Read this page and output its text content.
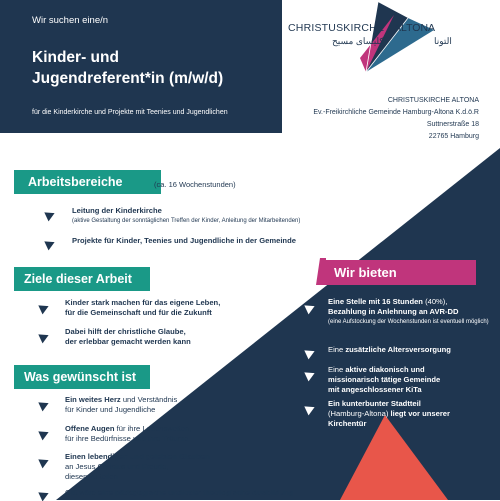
Wir suchen eine/n
Kinder- und
Jugendreferent*in (m/w/d)
für die Kinderkirche und Projekte mit Teenies und Jugendlichen
CHRISTUSKIRCHE ALTONA
كليساى مسيح	التونا
CHRISTUSKIRCHE ALTONA
Ev.-Freikirchliche Gemeinde Hamburg-Altona K.d.ö.R
Suttnerstraße 18
22765 Hamburg
Arbeitsbereiche	(ca. 16 Wochenstunden)
Leitung der Kinderkirche
(aktive Gestaltung der sonntäglichen Treffen der Kinder, Anleitung der Mitarbeitenden)
Projekte für Kinder, Teenies und Jugendliche in der Gemeinde
Ziele dieser Arbeit
Kinder stark machen für das eigene Leben,
für die Gemeinschaft und für die Zukunft
Dabei hilft der christliche Glaube,
der erlebbar gemacht werden kann
Was gewünscht ist
Ein weites Herz und Verständnis
für Kinder und Jugendliche
Offene Augen für ihre Lebenswelten,
für ihre Bedürfnisse und ihre Träume
Einen lebendigen und gelebten Glauben
an Jesus Christus und Freude,
diesen zu teilen
Gut wäre eine pädagogische und/oder theologische Ausbildung
Wir bieten
Eine Stelle mit 16 Stunden (40%),
Bezahlung in Anlehnung an AVR-DD
(eine Aufstockung der Wochenstunden ist eventuell möglich)
Eine zusätzliche Altersversorgung
Eine aktive diakonisch und
missionarisch tätige Gemeinde
mit angeschlossener KiTa
Ein kunterbunter Stadtteil
(Hamburg-Altona) liegt vor unserer
Kirchentür
